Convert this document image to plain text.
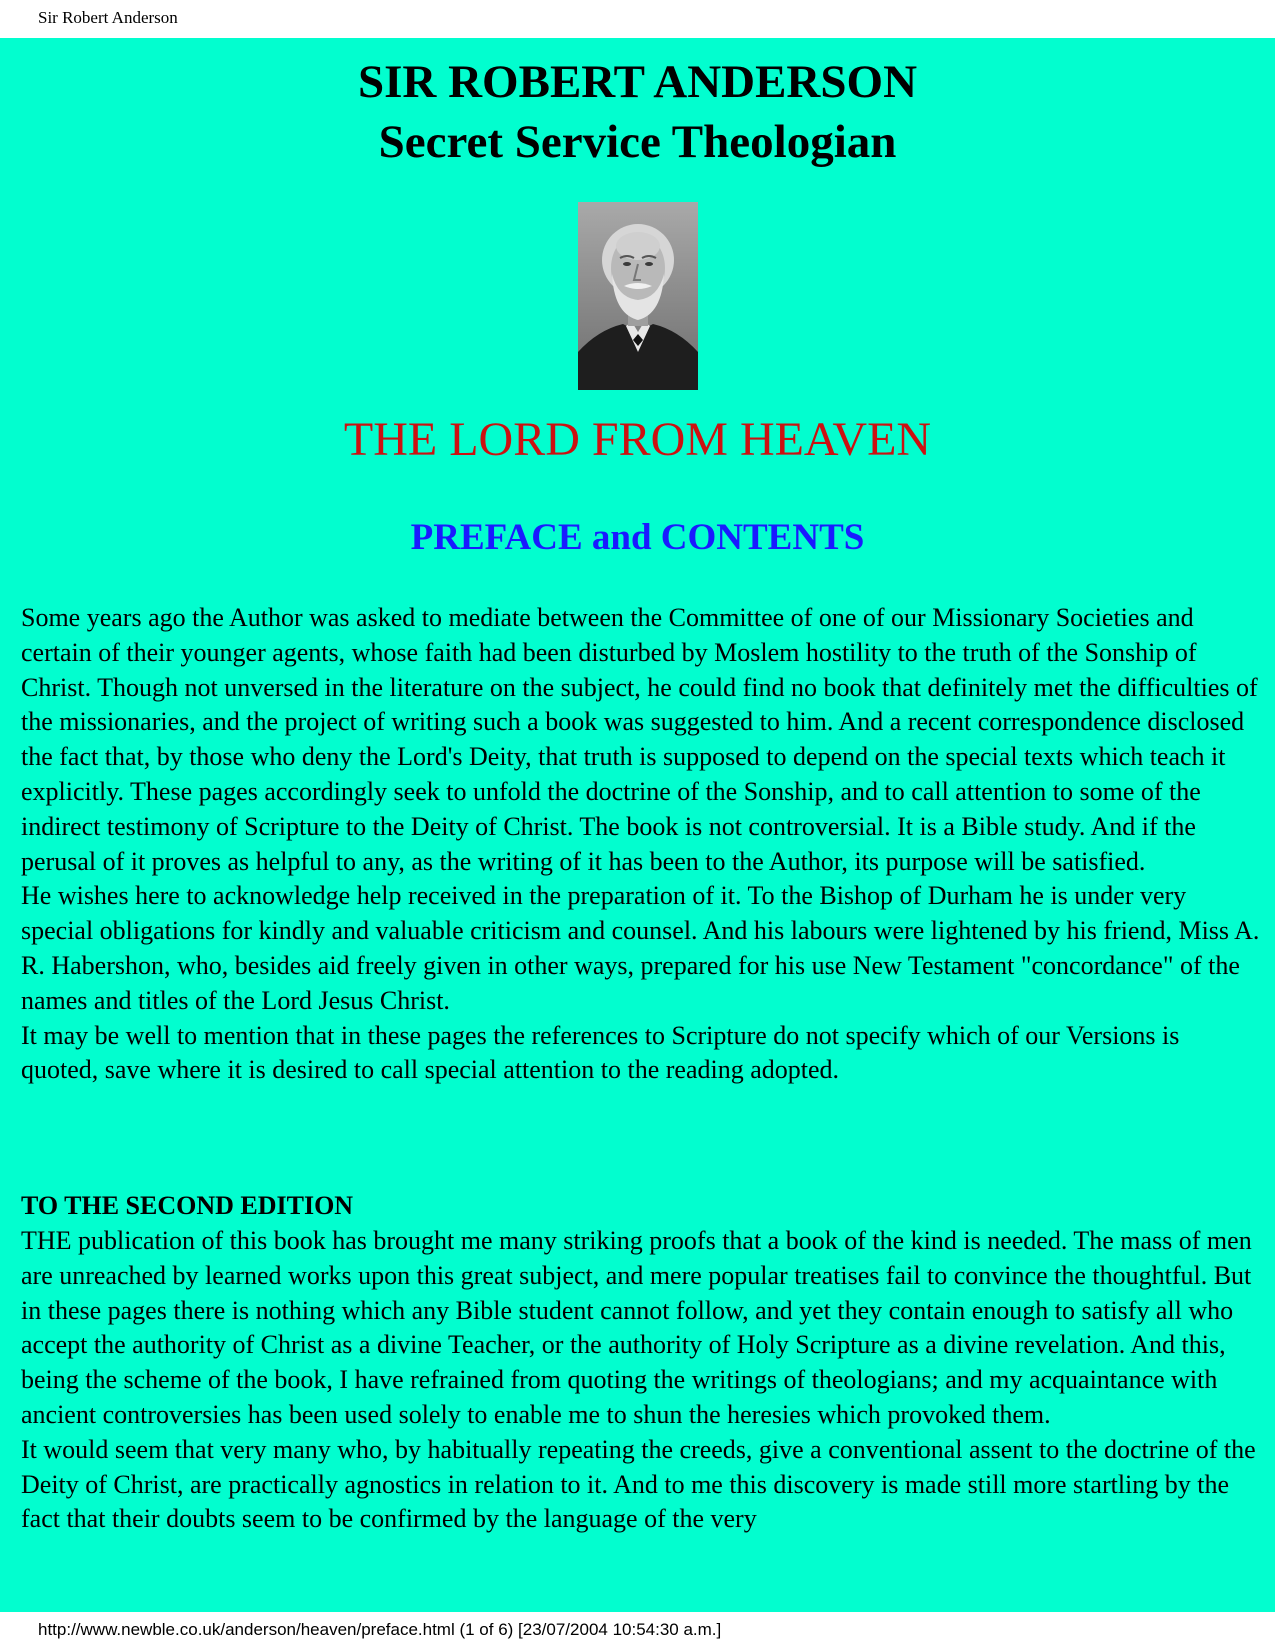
Sir Robert Anderson
SIR ROBERT ANDERSON
Secret Service Theologian
THE LORD FROM HEAVEN
PREFACE and CONTENTS

Some years ago the Author was asked to mediate between the Committee of one of our Missionary Societies and certain of their younger agents, whose faith had been disturbed by Moslem hostility to the truth of the Sonship of Christ. Though not unversed in the literature on the subject, he could find no book that definitely met the difficulties of the missionaries, and the project of writing such a book was suggested to him. And a recent correspondence disclosed the fact that, by those who deny the Lord's Deity, that truth is supposed to depend on the special texts which teach it explicitly. These pages accordingly seek to unfold the doctrine of the Sonship, and to call attention to some of the indirect testimony of Scripture to the Deity of Christ. The book is not controversial. It is a Bible study. And if the perusal of it proves as helpful to any, as the writing of it has been to the Author, its purpose will be satisfied.

He wishes here to acknowledge help received in the preparation of it. To the Bishop of Durham he is under very special obligations for kindly and valuable criticism and counsel. And his labours were lightened by his friend, Miss A. R. Habershon, who, besides aid freely given in other ways, prepared for his use New Testament "concordance" of the names and titles of the Lord Jesus Christ.

It may be well to mention that in these pages the references to Scripture do not specify which of our Versions is quoted, save where it is desired to call special attention to the reading adopted.

TO THE SECOND EDITION

THE publication of this book has brought me many striking proofs that a book of the kind is needed. The mass of men are unreached by learned works upon this great subject, and mere popular treatises fail to convince the thoughtful. But in these pages there is nothing which any Bible student cannot follow, and yet they contain enough to satisfy all who accept the authority of Christ as a divine Teacher, or the authority of Holy Scripture as a divine revelation. And this, being the scheme of the book, I have refrained from quoting the writings of theologians; and my acquaintance with ancient controversies has been used solely to enable me to shun the heresies which provoked them.

It would seem that very many who, by habitually repeating the creeds, give a conventional assent to the doctrine of the Deity of Christ, are practically agnostics in relation to it. And to me this discovery is made still more startling by the fact that their doubts seem to be confirmed by the language of the very

http://www.newble.co.uk/anderson/heaven/preface.html (1 of 6) [23/07/2004 10:54:30 a.m.]
